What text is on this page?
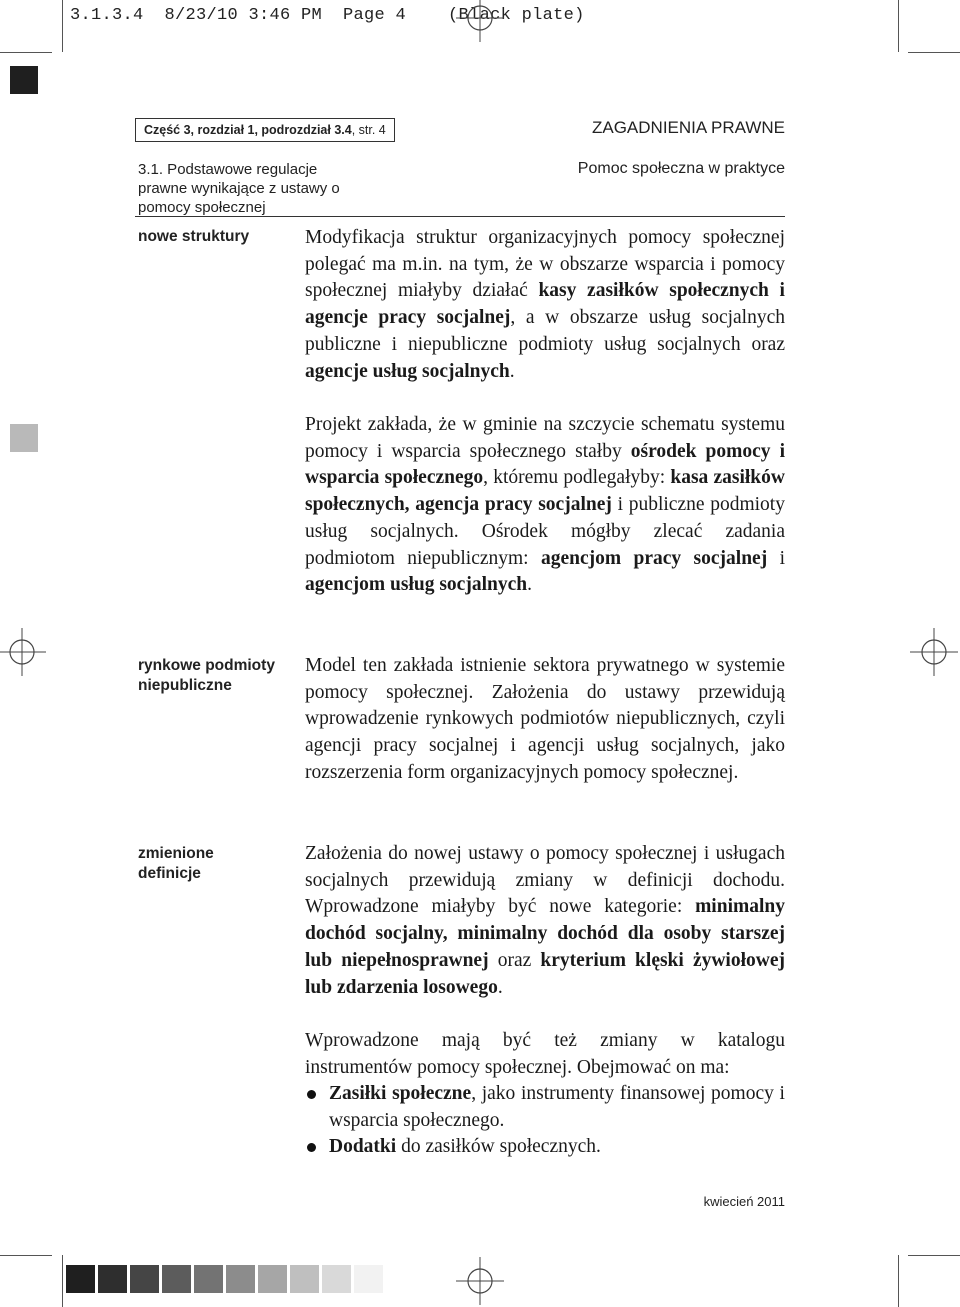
3.1.3.4  8/23/10 3:46 PM  Page 4    (Black plate)
Część 3, rozdział 1, podrozdział 3.4, str. 4	ZAGADNIENIA PRAWNE
3.1. Podstawowe regulacje prawne wynikające z ustawy o pomocy społecznej
Pomoc społeczna w praktyce
nowe struktury
rynkowe podmioty niepubliczne
zmienione definicje
Modyfikacja struktur organizacyjnych pomocy społecznej polegać ma m.in. na tym, że w obszarze wsparcia i pomocy społecznej miałyby działać kasy zasiłków społecznych i agencje pracy socjalnej, a w obszarze usług socjalnych publiczne i niepubliczne podmioty usług socjalnych oraz agencje usług socjalnych.
Projekt zakłada, że w gminie na szczycie schematu systemu pomocy i wsparcia społecznego stałby ośrodek pomocy i wsparcia społecznego, któremu podlegałyby: kasa zasiłków społecznych, agencja pracy socjalnej i publiczne podmioty usług socjalnych. Ośrodek mógłby zlecać zadania podmiotom niepublicznym: agencjom pracy socjalnej i agencjom usług socjalnych.
Model ten zakłada istnienie sektora prywatnego w systemie pomocy społecznej. Założenia do ustawy przewidują wprowadzenie rynkowych podmiotów niepublicznych, czyli agencji pracy socjalnej i agencji usług socjalnych, jako rozszerzenia form organizacyjnych pomocy społecznej.
Założenia do nowej ustawy o pomocy społecznej i usługach socjalnych przewidują zmiany w definicji dochodu. Wprowadzone miałyby być nowe kategorie: minimalny dochód socjalny, minimalny dochód dla osoby starszej lub niepełnosprawnej oraz kryterium klęski żywiołowej lub zdarzenia losowego.
Wprowadzone mają być też zmiany w katalogu instrumentów pomocy społecznej. Obejmować on ma:
Zasiłki społeczne, jako instrumenty finansowej pomocy i wsparcia społecznego.
Dodatki do zasiłków społecznych.
kwiecień 2011
